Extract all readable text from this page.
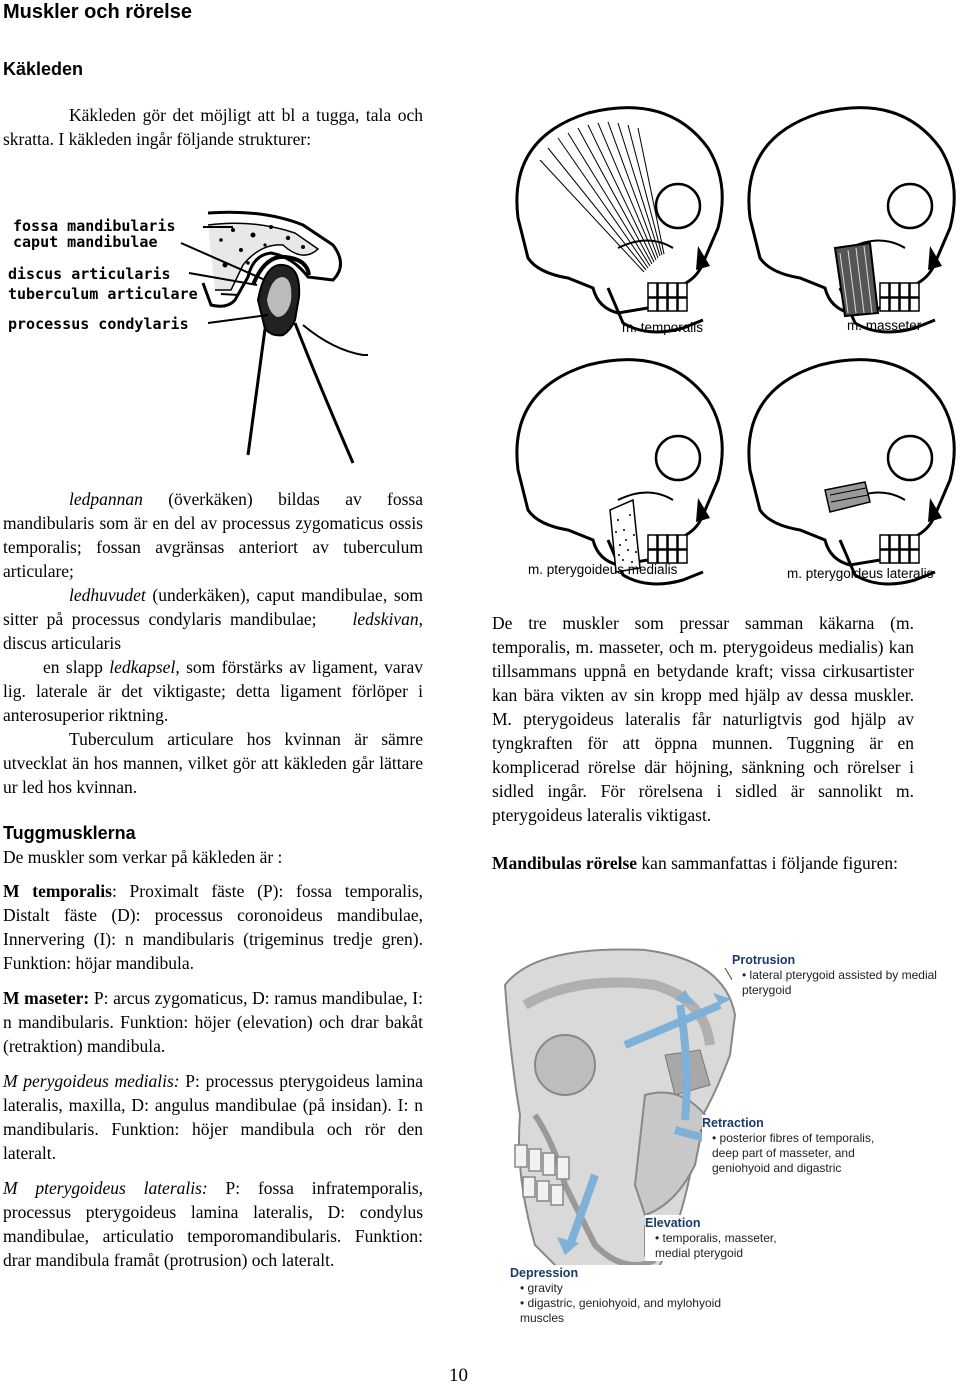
Muskler och rörelse
Käkleden

Käkleden gör det möjligt att bl a tugga, tala och skratta. I käkleden ingår följande strukturer:

fossa mandibularis
caput mandibulae
discus articularis
tuberculum articulare
processus condylaris	m. temporalis	m. masseter
m. pterygoideus medialis	m. pterygoideus lateralis

ledpannan (överkäken) bildas av fossa mandibularis som är en del av processus zygomaticus ossis temporalis; fossan avgränsas anteriort av tuberculum articulare;

ledhuvudet (underkäken), caput mandibulae, som sitter på processus condylaris mandibulae; ledskivan, discus articularis

en slapp ledkapsel, som förstärks av ligament, varav lig. laterale är det viktigaste; detta ligament förlöper i anterosuperior riktning.

Tuberculum articulare hos kvinnan är sämre utvecklat än hos mannen, vilket gör att käkleden går lättare ur led hos kvinnan.

Tuggmusklerna
De muskler som verkar på käkleden är :

M temporalis: Proximalt fäste (P): fossa temporalis, Distalt fäste (D): processus coronoideus mandibulae, Innervering (I): n mandibularis (trigeminus tredje gren). Funktion: höjar mandibula.

M maseter: P: arcus zygomaticus, D: ramus mandibulae, I: n mandibularis. Funktion: höjer (elevation) och drar bakåt (retraktion) mandibula.

M perygoideus medialis: P: processus pterygoideus lamina lateralis, maxilla, D: angulus mandibulae (på insidan). I: n mandibularis. Funktion: höjer mandibula och rör den lateralt.

M pterygoideus lateralis: P: fossa infratemporalis, processus pterygoideus lamina lateralis, D: condylus mandibulae, articulatio temporomandibularis. Funktion: drar mandibula framåt (protrusion) och lateralt.

De tre muskler som pressar samman käkarna (m. temporalis, m. masseter, och m. pterygoideus medialis) kan tillsammans uppnå en betydande kraft; vissa cirkusartister kan bära vikten av sin kropp med hjälp av dessa muskler. M. pterygoideus lateralis får naturligtvis god hjälp av tyngkraften för att öppna munnen. Tuggning är en komplicerad rörelse där höjning, sänkning och rörelser i sidled ingår. För rörelsena i sidled är sannolikt m. pterygoideus lateralis viktigast.

Mandibulas rörelse kan sammanfattas i följande figuren:

Protrusion
• lateral pterygoid assisted by medial pterygoid
Retraction
• posterior fibres of temporalis, deep part of masseter, and geniohyoid and digastric
Elevation
• temporalis, masseter, medial pterygoid
Depression
• gravity
• digastric, geniohyoid, and mylohyoid muscles
10
